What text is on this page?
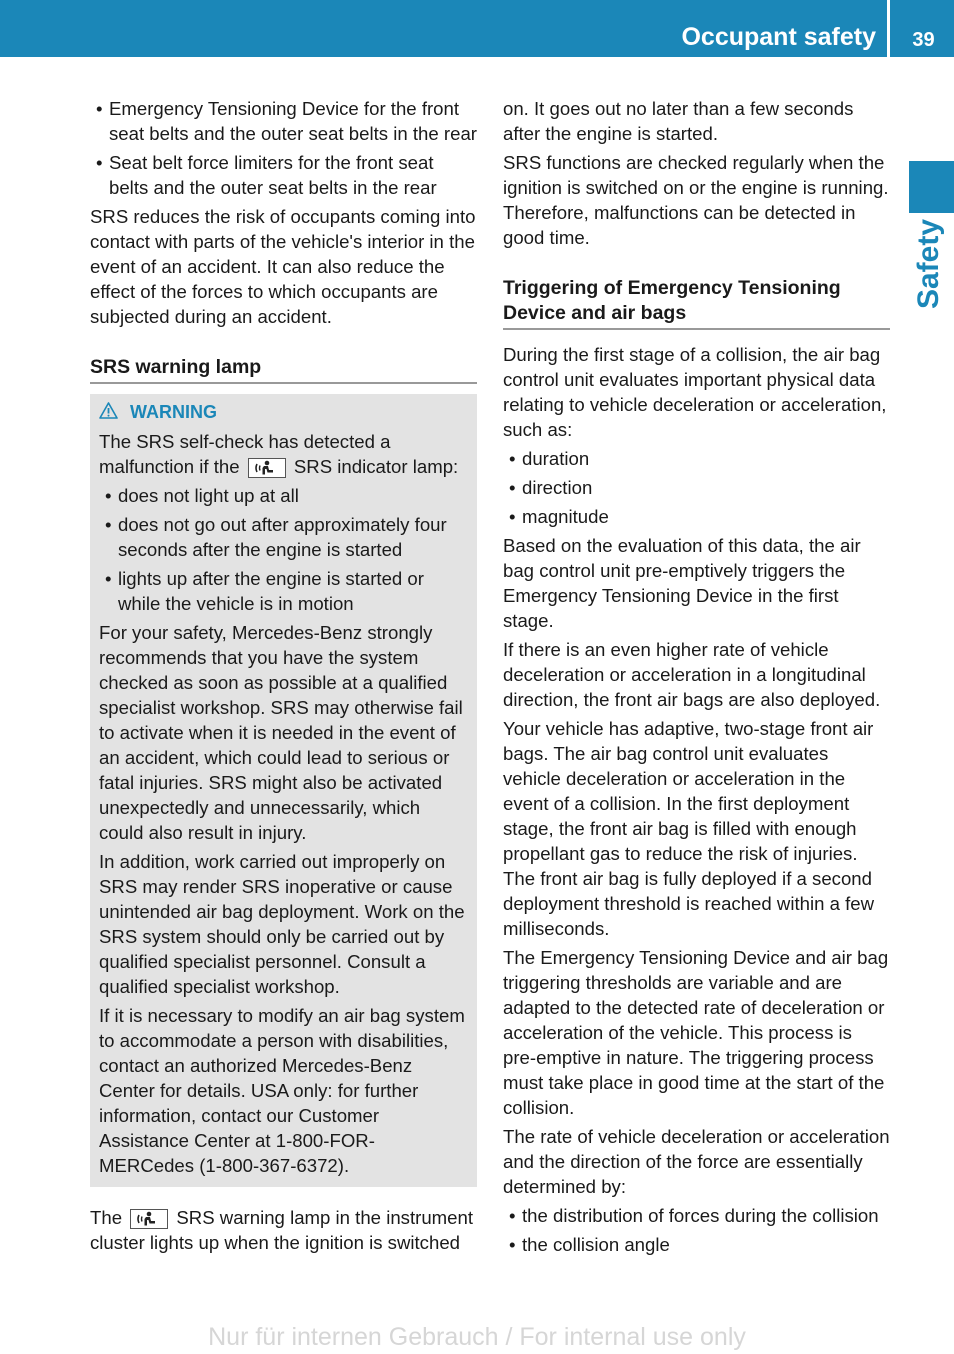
Occupant safety	39
Safety
• Emergency Tensioning Device for the front seat belts and the outer seat belts in the rear
• Seat belt force limiters for the front seat belts and the outer seat belts in the rear

SRS reduces the risk of occupants coming into contact with parts of the vehicle's interior in the event of an accident. It can also reduce the effect of the forces to which occupants are subjected during an accident.

SRS warning lamp
WARNING

The SRS self-check has detected a malfunction if the	SRS indicator lamp:

• does not light up at all
• does not go out after approximately four seconds after the engine is started
• lights up after the engine is started or while the vehicle is in motion

For your safety, Mercedes-Benz strongly recommends that you have the system checked as soon as possible at a qualified specialist workshop. SRS may otherwise fail to activate when it is needed in the event of an accident, which could lead to serious or fatal injuries. SRS might also be activated unexpectedly and unnecessarily, which could also result in injury.

In addition, work carried out improperly on SRS may render SRS inoperative or cause unintended air bag deployment. Work on the SRS system should only be carried out by qualified specialist personnel. Consult a qualified specialist workshop.

If it is necessary to modify an air bag system to accommodate a person with disabilities, contact an authorized Mercedes-Benz Center for details. USA only: for further information, contact our Customer Assistance Center at 1-800-FOR-MERCedes (1-800-367-6372).

The	SRS warning lamp in the instrument cluster lights up when the ignition is switched

on. It goes out no later than a few seconds after the engine is started.

SRS functions are checked regularly when the ignition is switched on or the engine is running. Therefore, malfunctions can be detected in good time.

Triggering of Emergency Tensioning Device and air bags

During the first stage of a collision, the air bag control unit evaluates important physical data relating to vehicle deceleration or acceleration, such as:

• duration
• direction
• magnitude

Based on the evaluation of this data, the air bag control unit pre-emptively triggers the Emergency Tensioning Device in the first stage.

If there is an even higher rate of vehicle deceleration or acceleration in a longitudinal direction, the front air bags are also deployed.

Your vehicle has adaptive, two-stage front air bags. The air bag control unit evaluates vehicle deceleration or acceleration in the event of a collision. In the first deployment stage, the front air bag is filled with enough propellant gas to reduce the risk of injuries. The front air bag is fully deployed if a second deployment threshold is reached within a few milliseconds.

The Emergency Tensioning Device and air bag triggering thresholds are variable and are adapted to the detected rate of deceleration or acceleration of the vehicle. This process is pre-emptive in nature. The triggering process must take place in good time at the start of the collision.

The rate of vehicle deceleration or acceleration and the direction of the force are essentially determined by:

• the distribution of forces during the collision
• the collision angle
Nur für internen Gebrauch / For internal use only
